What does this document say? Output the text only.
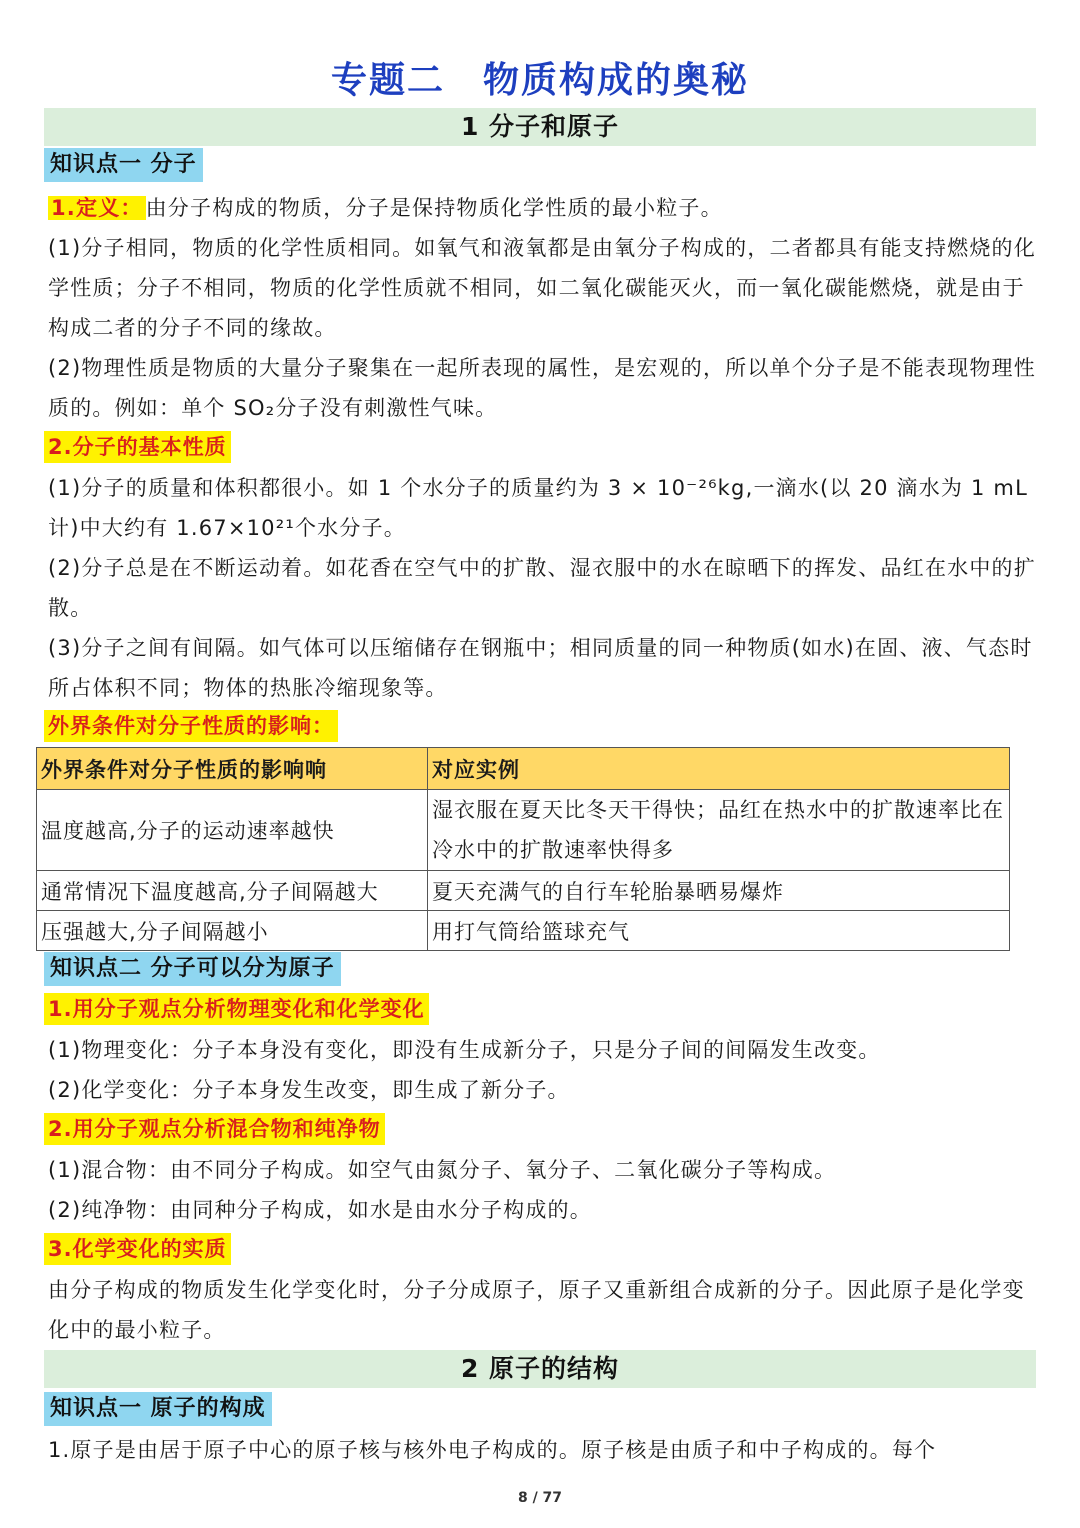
专题二　物质构成的奥秘
1 分子和原子
知识点一 分子
1.定义： 由分子构成的物质，分子是保持物质化学性质的最小粒子。
(1)分子相同，物质的化学性质相同。如氧气和液氧都是由氧分子构成的，二者都具有能支持燃烧的化学性质；分子不相同，物质的化学性质就不相同，如二氧化碳能灭火，而一氧化碳能燃烧，就是由于构成二者的分子不同的缘故。
(2)物理性质是物质的大量分子聚集在一起所表现的属性，是宏观的，所以单个分子是不能表现物理性质的。例如：单个 SO₂分子没有刺激性气味。
2.分子的基本性质
(1)分子的质量和体积都很小。如 1 个水分子的质量约为 3 × 10⁻²⁶kg,一滴水(以 20 滴水为 1 mL 计)中大约有 1.67×10²¹个水分子。
(2)分子总是在不断运动着。如花香在空气中的扩散、湿衣服中的水在晾晒下的挥发、品红在水中的扩散。
(3)分子之间有间隔。如气体可以压缩储存在钢瓶中；相同质量的同一种物质(如水)在固、液、气态时所占体积不同；物体的热胀冷缩现象等。
外界条件对分子性质的影响：
外界条件对分子性质的影响响	对应实例
温度越高,分子的运动速率越快	湿衣服在夏天比冬天干得快；品红在热水中的扩散速率比在冷水中的扩散速率快得多
通常情况下温度越高,分子间隔越大	夏天充满气的自行车轮胎暴晒易爆炸
压强越大,分子间隔越小	用打气筒给篮球充气
知识点二 分子可以分为原子
1.用分子观点分析物理变化和化学变化
(1)物理变化：分子本身没有变化，即没有生成新分子，只是分子间的间隔发生改变。
(2)化学变化：分子本身发生改变，即生成了新分子。
2.用分子观点分析混合物和纯净物
(1)混合物：由不同分子构成。如空气由氮分子、氧分子、二氧化碳分子等构成。
(2)纯净物：由同种分子构成，如水是由水分子构成的。
3.化学变化的实质
由分子构成的物质发生化学变化时，分子分成原子，原子又重新组合成新的分子。因此原子是化学变化中的最小粒子。
2 原子的结构
知识点一 原子的构成
1.原子是由居于原子中心的原子核与核外电子构成的。原子核是由质子和中子构成的。每个
8 / 77
